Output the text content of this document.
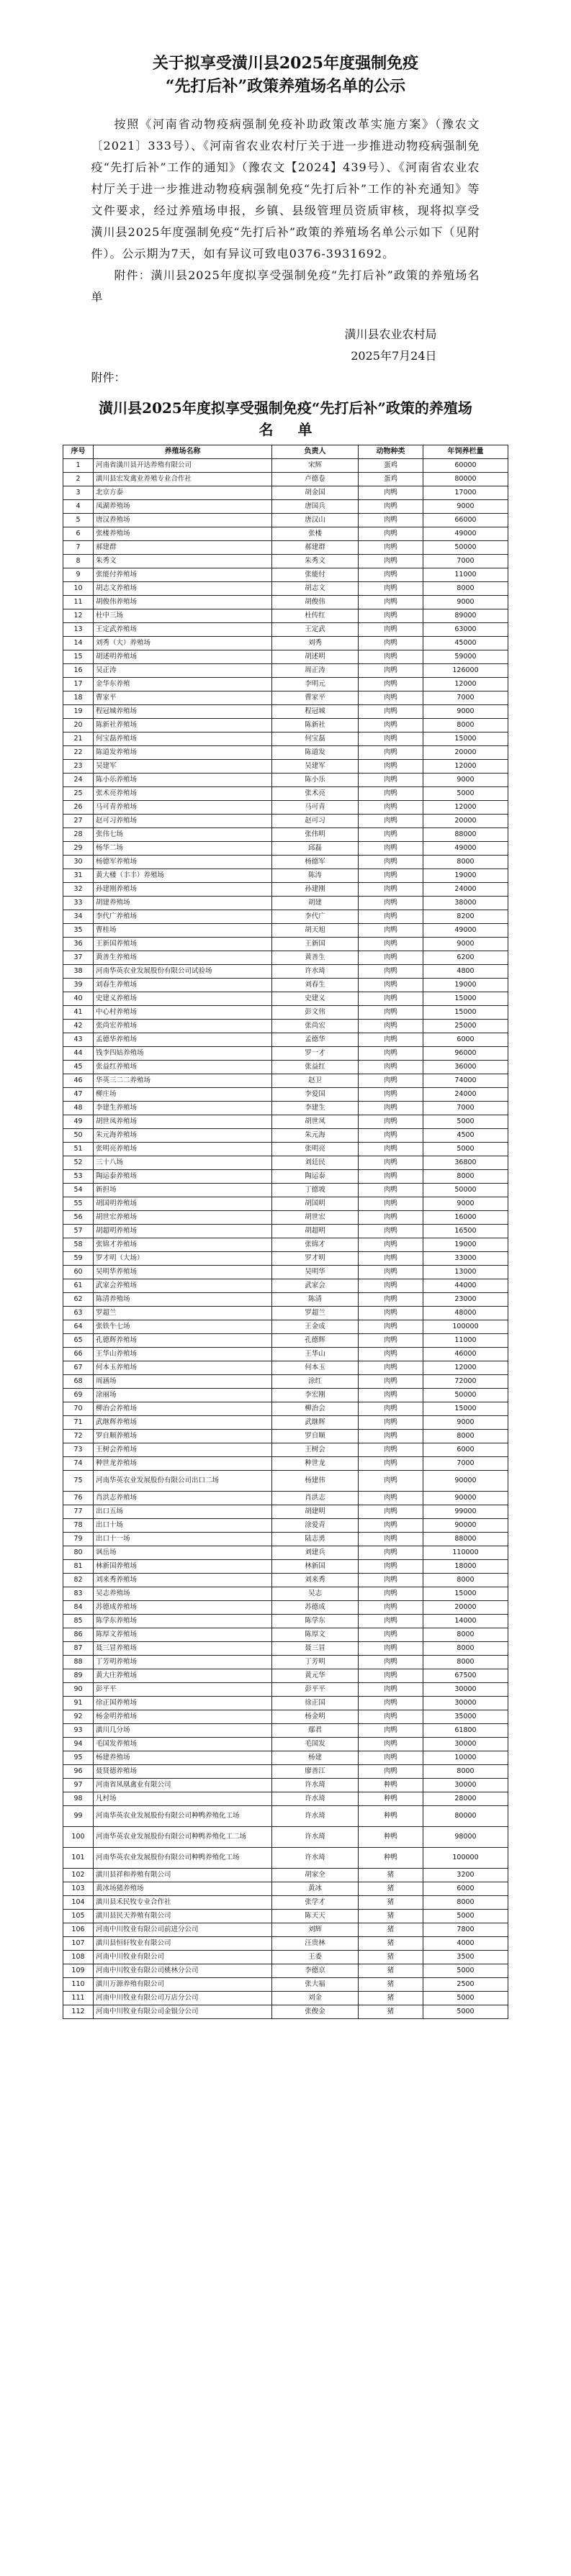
关于拟享受潢川县2025年度强制免疫
“先打后补”政策养殖场名单的公示
按照《河南省动物疫病强制免疫补助政策改革实施方案》（豫农文〔2021〕333号）、《河南省农业农村厅关于进一步推进动物疫病强制免疫“先打后补”工作的通知》（豫农文【2024】439号）、《河南省农业农村厅关于进一步推进动物疫病强制免疫“先打后补”工作的补充通知》等文件要求，经过养殖场申报，乡镇、县级管理员资质审核，现将拟享受潢川县2025年度强制免疫“先打后补”政策的养殖场名单公示如下（见附件）。公示期为7天，如有异议可致电0376-3931692。
附件：潢川县2025年度拟享受强制免疫“先打后补”政策的养殖场名单
潢川县农业农村局
2025年7月24日
附件：
潢川县2025年度拟享受强制免疫“先打后补”政策的养殖场
名单
序号	养殖场名称	负责人	动物种类	年饲养栏量
1	河南省潢川县开达养殖有限公司	宋辉	蛋鸡	60000
2	潢川县宏发禽业养殖专业合作社	卢德卷	蛋鸡	80000
3	北京方泰	胡金国	肉鸭	17000
4	凤湖养殖场	唐国兵	肉鸭	9000
5	唐汉养殖场	唐汉山	肉鸭	66000
6	张楼养殖场	张楼	肉鸭	49000
7	郝建群	郝建群	肉鸭	50000
8	朱秀文	朱秀文	肉鸭	7000
9	张能付养殖场	张能付	肉鸭	11000
10	胡志文养殖场	胡志文	肉鸭	8000
11	胡俊伟养殖场	胡俊伟	肉鸭	9000
12	杜中三场	杜传红	肉鸭	89000
13	王定武养殖场	王定武	肉鸭	63000
14	刘秀（大）养殖场	刘秀	肉鸭	45000
15	胡述明养殖场	胡述明	肉鸭	59000
16	吴正涛	周正涛	肉鸭	126000
17	金华东养殖	李明元	肉鸭	12000
18	曹家平	曹家平	肉鸭	7000
19	程冠城养殖场	程冠城	肉鸭	9000
20	陈新社养殖场	陈新社	肉鸭	8000
21	何宝磊养殖场	何宝磊	肉鸭	15000
22	陈道发养殖场	陈道发	肉鸭	20000
23	吴建军	吴建军	肉鸭	12000
24	陈小乐养殖场	陈小乐	肉鸭	9000
25	张术亮养殖场	张术亮	肉鸭	5000
26	马可青养殖场	马可青	肉鸭	12000
27	赵可习养殖场	赵可习	肉鸭	20000
28	张伟七场	张伟明	肉鸭	88000
29	杨华二场	邱磊	肉鸭	49000
30	杨德军养殖场	杨德军	肉鸭	8000
31	黄大楼（丰丰）养殖场	陈涛	肉鸭	19000
32	孙建刚养殖场	孙建刚	肉鸭	24000
33	胡建养殖场	胡建	肉鸭	38000
34	李代广养殖场	李代广	肉鸭	8200
35	曹桂场	胡天旭	肉鸭	49000
36	王新国养殖场	王新国	肉鸭	9000
37	黄善生养殖场	黄善生	肉鸭	6200
38	河南华英农业发展股份有限公司试验场	许水琦	肉鸭	4800
39	刘春生养殖场	刘春生	肉鸭	19000
40	史建义养殖场	史建义	肉鸭	15000
41	中心村养殖场	彭文伟	肉鸭	15000
42	张尚宏养殖场	张尚宏	肉鸭	25000
43	孟德华养殖场	孟德华	肉鸭	6000
44	钱李四姑养殖场	罗一才	肉鸭	96000
45	张益红养殖场	张益红	肉鸭	36000
46	华英三二二养殖场	赵卫	肉鸭	74000
47	柳庄场	李爱国	肉鸭	24000
48	李建生养殖场	李建生	肉鸭	7000
49	胡世凤养殖场	胡世凤	肉鸭	5000
50	朱元海养殖场	朱元海	肉鸭	4500
51	张明亮养殖场	张明亮	肉鸭	5000
52	三十八场	刘廷民	肉鸭	36800
53	陶运泰养殖场	陶运泰	肉鸭	8000
54	新担场	丁德坡	肉鸭	50000
55	胡国明养殖场	胡国明	肉鸭	9000
56	胡世宏养殖场	胡世宏	肉鸭	16000
57	胡超明养殖场	胡超明	肉鸭	16500
58	张锦才养殖场	张锦才	肉鸭	19000
59	罗才明（大场）	罗才明	肉鸭	33000
60	吴明华养殖场	吴明华	肉鸭	13000
61	武家会养殖场	武家会	肉鸭	44000
62	陈清养殖场	陈清	肉鸭	23000
63	罗超兰	罗超兰	肉鸭	48000
64	张铁牛七场	王金成	肉鸭	100000
65	孔德辉养殖场	孔德辉	肉鸭	11000
66	王华山养殖场	王华山	肉鸭	46000
67	何本玉养殖场	何本玉	肉鸭	12000
68	周涵场	涂红	肉鸭	72000
69	涂丽场	李宏刚	肉鸭	50000
70	柳治会养殖场	柳治会	肉鸭	15000
71	武继辉养殖场	武继辉	肉鸭	9000
72	罗自顺养殖场	罗自顺	肉鸭	8000
73	王树会养殖场	王树会	肉鸭	6000
74	种世龙养殖场	种世龙	肉鸭	7000
75	河南华英农业发展股份有限公司出口二场	杨建伟	肉鸭	90000
76	肖洪志养殖场	肖洪志	肉鸭	90000
77	出口五场	胡建明	肉鸭	99000
78	出口十场	涂爱青	肉鸭	90000
79	出口十一场	陆志勇	肉鸭	88000
80	讽岳场	刘建兵	肉鸭	110000
81	林新国养殖场	林新国	肉鸭	18000
82	刘来秀养殖场	刘来秀	肉鸭	8000
83	吴志养殖场	吴志	肉鸭	15000
84	苏德成养殖场	苏德成	肉鸭	20000
85	陈学东养殖场	陈学东	肉鸭	14000
86	陈厚文养殖场	陈厚文	肉鸭	8000
87	聂三冒养殖场	聂三冒	肉鸭	8000
88	丁芳明养殖场	丁芳明	肉鸭	8000
89	黄大庄养殖场	黄元华	肉鸭	67500
90	彭平平	彭平平	肉鸭	30000
91	徐正国养殖场	徐正国	肉鸭	30000
92	杨金明养殖场	杨金明	肉鸭	35000
93	潢川几分场	鄢君	肉鸭	61800
94	毛国发养殖场	毛国发	肉鸭	30000
95	杨建养殖场	杨建	肉鸭	10000
96	聂贤德养殖场	廖善江	肉鸭	8000
97	河南省凤凰禽业有限公司	许水琦	种鸭	30000
98	凡村场	许水琦	种鸭	28000
99	河南华英农业发展股份有限公司种鸭养殖化工场	许水琦	种鸭	80000
100	河南华英农业发展股份有限公司种鸭养殖化工二场	许水琦	种鸭	98000
101	河南华英农业发展股份有限公司种鸭养殖化工场	许水琦	种鸭	100000
102	潢川县祥和养殖有限公司	胡家全	猪	3200
103	黄冰场猪养殖场	黄冰	猪	6000
104	潢川县禾民牧专业合作社	张学才	猪	8000
105	潢川县民天养殖有限公司	陈天天	猪	5000
106	河南中川牧业有限公司前进分公司	刘辉	猪	7800
107	潢川县恒轩牧业有限公司	汪贵林	猪	4000
108	河南中川牧业有限公司	王委	猪	3500
109	河南中川牧业有限公司桃林分公司	李德京	猪	5000
110	潢川万源养殖有限公司	张大福	猪	2500
111	河南中川牧业有限公司万店分公司	刘金	猪	5000
112	河南中川牧业有限公司金银分公司	张俊金	猪	5000
